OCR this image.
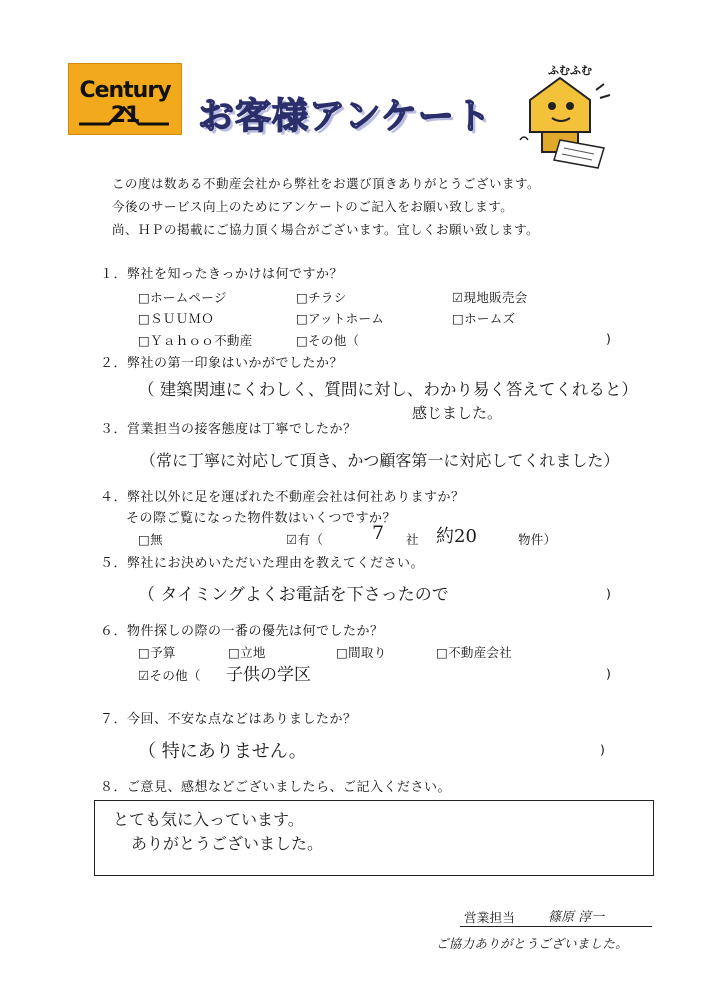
Century 21	お客様アンケート
ふむふむ
この度は数ある不動産会社から弊社をお選び頂きありがとうございます。
今後のサービス向上のためにアンケートのご記入をお願い致します。
尚、ＨＰの掲載にご協力頂く場合がございます。宜しくお願い致します。
１．弊社を知ったきっかけは何ですか？
□ホームページ	□チラシ	☑現地販売会
□ＳＵＵＭＯ	□アットホーム	□ホームズ
□Ｙａｈｏｏ不動産	□その他（	)
２．弊社の第一印象はいかがでしたか？
（ 建築関連にくわしく、質問に対し、わかり易く答えてくれると）
感じました。
３．営業担当の接客態度は丁寧でしたか？
（常に丁寧に対応して頂き、かつ顧客第一に対応してくれました）
４．弊社以外に足を運ばれた不動産会社は何社ありますか？
その際ご覧になった物件数はいくつですか？
□無	☑有（	7 社 約20	物件）
５．弊社にお決めいただいた理由を教えてください。
（ タイミングよくお電話を下さったので	)
６．物件探しの際の一番の優先は何でしたか？
□予算	□立地	□間取り	□不動産会社
☑その他（ 子供の学区	)
７．今回、不安な点などはありましたか？
（ 特にありません。	)
８．ご意見、感想などございましたら、ご記入ください。
とても気に入っています。
ありがとうございました。
営業担当	篠原 淳一
ご協力ありがとうございました。
